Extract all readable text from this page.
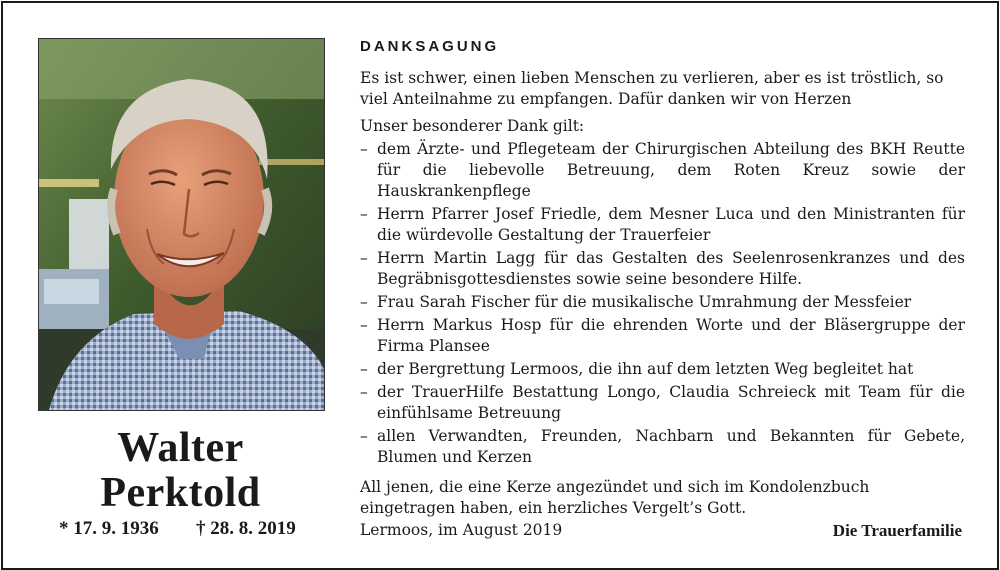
Walter
Perktold
* 17. 9. 1936 † 28. 8. 2019
DANKSAGUNG
Es ist schwer, einen lieben Menschen zu verlieren, aber es ist tröstlich, so viel Anteilnahme zu empfangen. Dafür danken wir von Herzen
Unser besonderer Dank gilt:
– dem Ärzte- und Pflegeteam der Chirurgischen Abteilung des BKH Reutte für die liebevolle Betreuung, dem Roten Kreuz sowie der Hauskrankenpflege
– Herrn Pfarrer Josef Friedle, dem Mesner Luca und den Ministranten für die würdevolle Gestaltung der Trauerfeier
– Herrn Martin Lagg für das Gestalten des Seelenrosenkranzes und des Begräbnisgottesdienstes sowie seine besondere Hilfe.
– Frau Sarah Fischer für die musikalische Umrahmung der Messfeier
– Herrn Markus Hosp für die ehrenden Worte und der Bläsergruppe der Firma Plansee
– der Bergrettung Lermoos, die ihn auf dem letzten Weg begleitet hat
– der TrauerHilfe Bestattung Longo, Claudia Schreieck mit Team für die einfühlsame Betreuung
– allen Verwandten, Freunden, Nachbarn und Bekannten für Gebete, Blumen und Kerzen
All jenen, die eine Kerze angezündet und sich im Kondolenzbuch eingetragen haben, ein herzliches Vergelt’s Gott.
Lermoos, im August 2019	Die Trauerfamilie
